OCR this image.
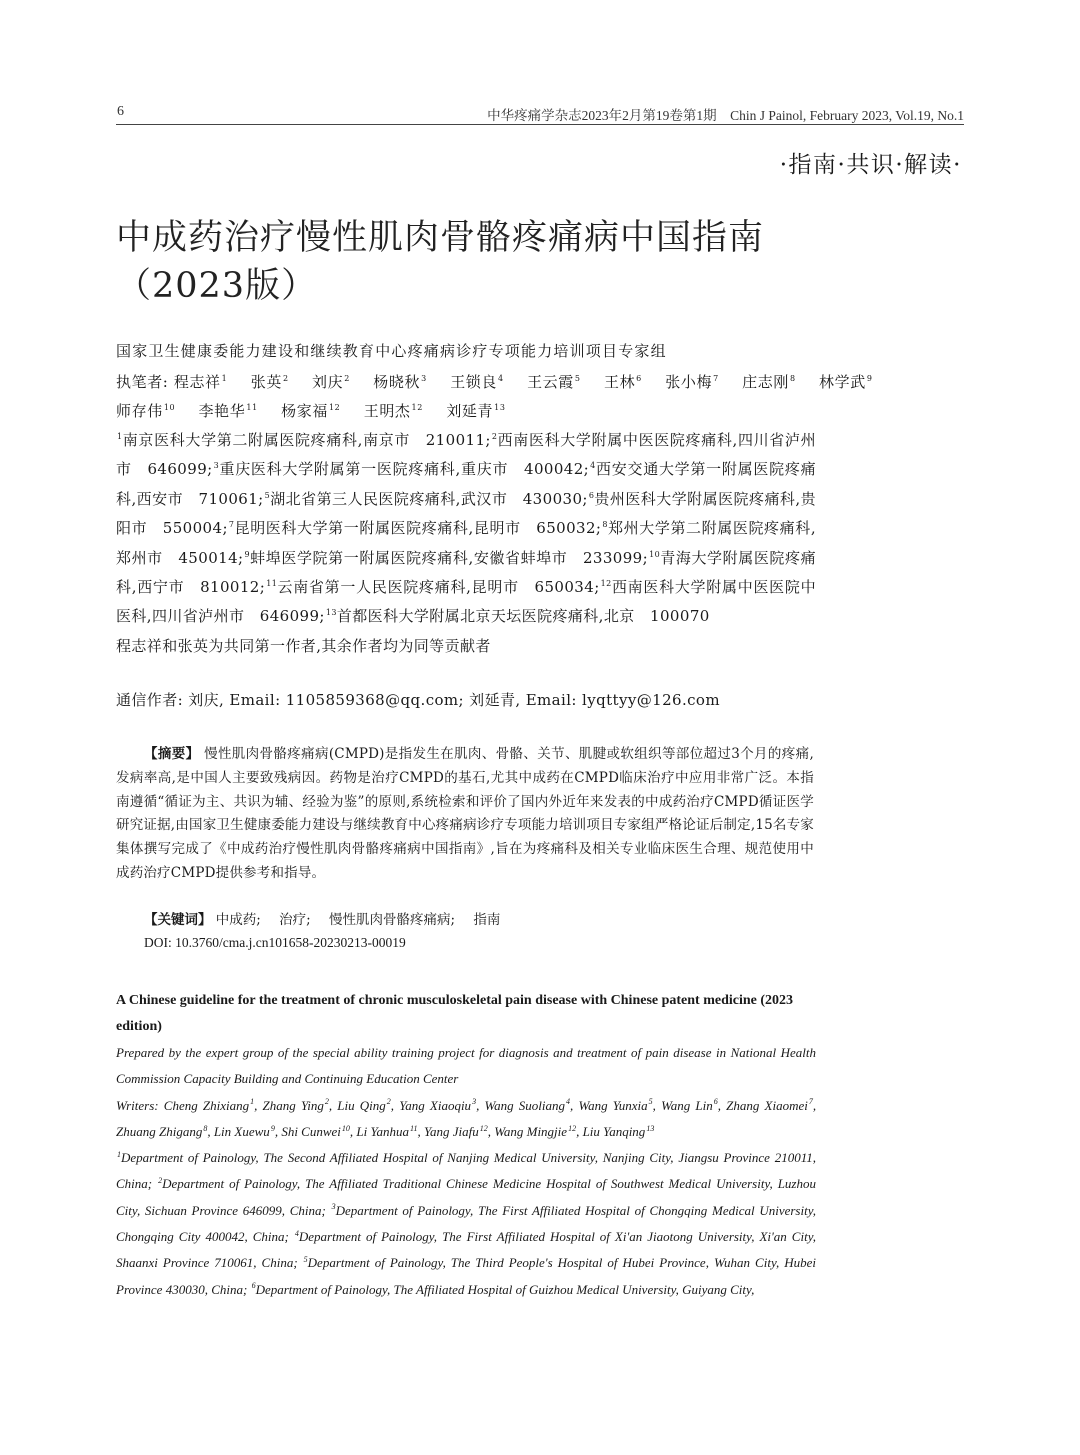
6	中华疼痛学杂志2023年2月第19卷第1期　Chin J Painol, February 2023, Vol.19, No.1
·指南·共识·解读·
中成药治疗慢性肌肉骨骼疼痛病中国指南
（2023版）
国家卫生健康委能力建设和继续教育中心疼痛病诊疗专项能力培训项目专家组
执笔者: 程志祥$^1$ 张英$^2$ 刘庆$^2$ 杨晓秋$^3$ 王锁良$^4$ 王云霞$^5$ 王林$^6$ 张小梅$^7$ 庄志刚$^8$ 林学武$^9$ 师存伟$^{10}$ 李艳华$^{11}$ 杨家福$^{12}$ 王明杰$^{12}$ 刘延青$^{13}$
$^1$南京医科大学第二附属医院疼痛科,南京市　210011;$^2$西南医科大学附属中医医院疼痛科,四川省泸州市　646099;$^3$重庆医科大学附属第一医院疼痛科,重庆市　400042;$^4$西安交通大学第一附属医院疼痛科,西安市　710061;$^5$湖北省第三人民医院疼痛科,武汉市　430030;$^6$贵州医科大学附属医院疼痛科,贵阳市　550004;$^7$昆明医科大学第一附属医院疼痛科,昆明市　650032;$^8$郑州大学第二附属医院疼痛科,郑州市　450014;$^9$蚌埠医学院第一附属医院疼痛科,安徽省蚌埠市　233099;$^{10}$青海大学附属医院疼痛科,西宁市　810012;$^{11}$云南省第一人民医院疼痛科,昆明市　650034;$^{12}$西南医科大学附属中医医院中医科,四川省泸州市　646099;$^{13}$首都医科大学附属北京天坛医院疼痛科,北京　100070
程志祥和张英为共同第一作者,其余作者均为同等贡献者
通信作者: 刘庆, Email: 1105859368@qq.com; 刘延青, Email: lyqttyy@126.com
【摘要】 慢性肌肉骨骼疼痛病(CMPD)是指发生在肌肉、骨骼、关节、肌腱或软组织等部位超过3个月的疼痛,发病率高,是中国人主要致残病因。药物是治疗CMPD的基石,尤其中成药在CMPD临床治疗中应用非常广泛。本指南遵循“循证为主、共识为辅、经验为鉴”的原则,系统检索和评价了国内外近年来发表的中成药治疗CMPD循证医学研究证据,由国家卫生健康委能力建设与继续教育中心疼痛病诊疗专项能力培训项目专家组严格论证后制定,15名专家集体撰写完成了《中成药治疗慢性肌肉骨骼疼痛病中国指南》,旨在为疼痛科及相关专业临床医生合理、规范使用中成药治疗CMPD提供参考和指导。
【关键词】 中成药; 治疗; 慢性肌肉骨骼疼痛病; 指南
DOI: 10.3760/cma.j.cn101658-20230213-00019
A Chinese guideline for the treatment of chronic musculoskeletal pain disease with Chinese patent medicine (2023 edition)
Prepared by the expert group of the special ability training project for diagnosis and treatment of pain disease in National Health Commission Capacity Building and Continuing Education Center
Writers: Cheng Zhixiang$^1$, Zhang Ying$^2$, Liu Qing$^2$, Yang Xiaoqiu$^3$, Wang Suoliang$^4$, Wang Yunxia$^5$, Wang Lin$^6$, Zhang Xiaomei$^7$, Zhuang Zhigang$^8$, Lin Xuewu$^9$, Shi Cunwei$^{10}$, Li Yanhua$^{11}$, Yang Jiafu$^{12}$, Wang Mingjie$^{12}$, Liu Yanqing$^{13}$
$^1$Department of Painology, The Second Affiliated Hospital of Nanjing Medical University, Nanjing City, Jiangsu Province 210011, China; $^2$Department of Painology, The Affiliated Traditional Chinese Medicine Hospital of Southwest Medical University, Luzhou City, Sichuan Province 646099, China; $^3$Department of Painology, The First Affiliated Hospital of Chongqing Medical University, Chongqing City 400042, China; $^4$Department of Painology, The First Affiliated Hospital of Xi'an Jiaotong University, Xi'an City, Shaanxi Province 710061, China; $^5$Department of Painology, The Third People's Hospital of Hubei Province, Wuhan City, Hubei Province 430030, China; $^6$Department of Painology, The Affiliated Hospital of Guizhou Medical University, Guiyang City,
